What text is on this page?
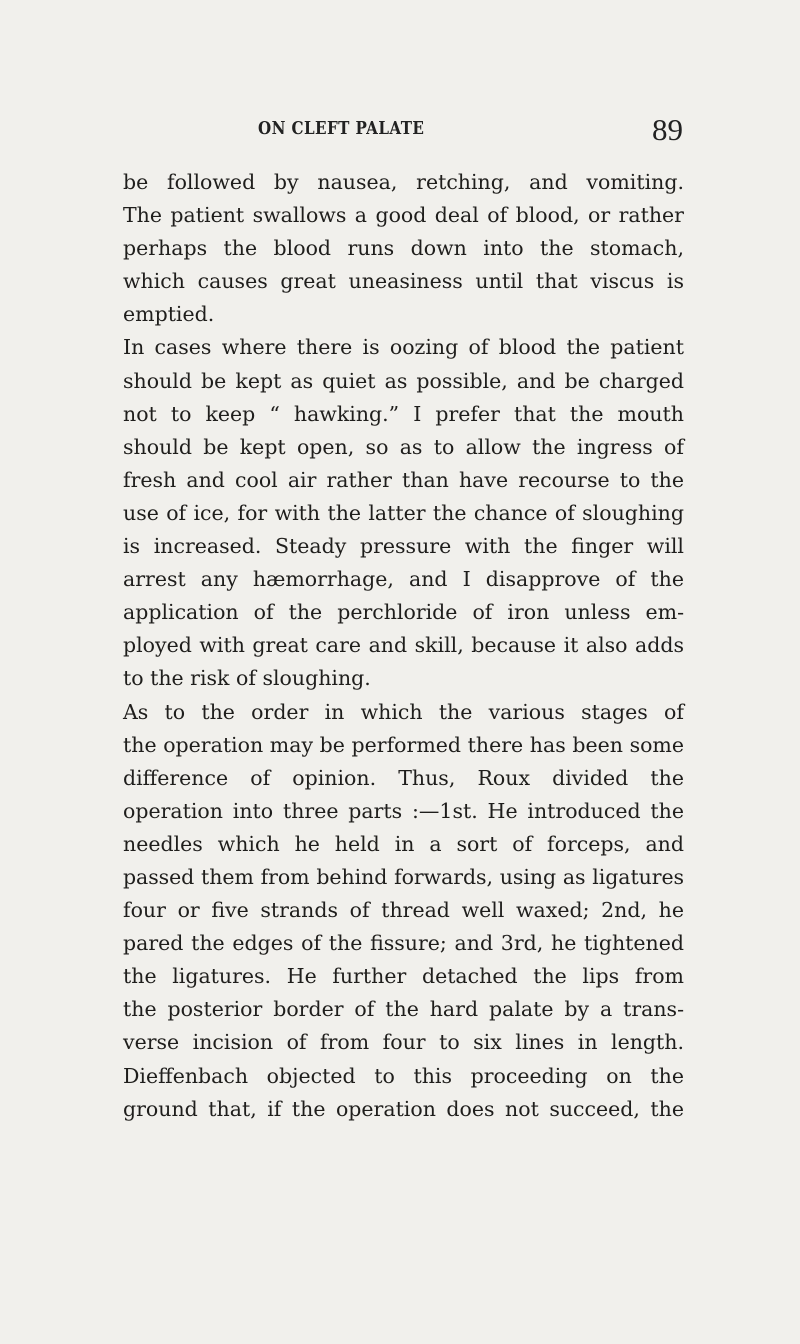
ON CLEFT PALATE	89
be followed by nausea, retching, and vomiting.
The patient swallows a good deal of blood, or rather
perhaps the blood runs down into the stomach,
which causes great uneasiness until that viscus is
emptied.
In cases where there is oozing of blood the patient
should be kept as quiet as possible, and be charged
not to keep “ hawking.” I prefer that the mouth
should be kept open, so as to allow the ingress of
fresh and cool air rather than have recourse to the
use of ice, for with the latter the chance of sloughing
is increased. Steady pressure with the finger will
arrest any hæmorrhage, and I disapprove of the
application of the perchloride of iron unless em-
ployed with great care and skill, because it also adds
to the risk of sloughing.
As to the order in which the various stages of
the operation may be performed there has been some
difference of opinion. Thus, Roux divided the
operation into three parts :—1st. He introduced the
needles which he held in a sort of forceps, and
passed them from behind forwards, using as ligatures
four or five strands of thread well waxed; 2nd, he
pared the edges of the fissure; and 3rd, he tightened
the ligatures. He further detached the lips from
the posterior border of the hard palate by a trans-
verse incision of from four to six lines in length.
Dieffenbach objected to this proceeding on the
ground that, if the operation does not succeed, the
